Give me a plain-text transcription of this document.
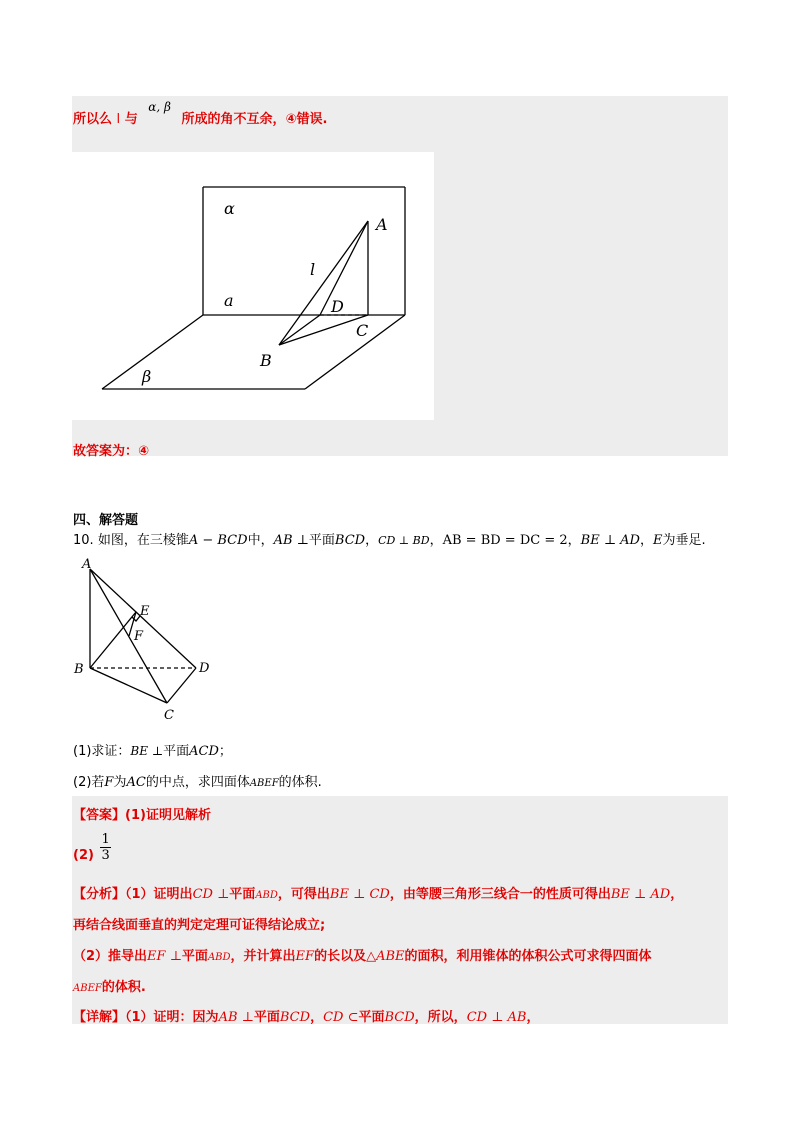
所以么 l 与 α, β 所成的角不互余，④错误.
α
a
l
A
D
C
B
β
故答案为：④
四、解答题
10. 如图，在三棱锥A − BCD中，AB ⊥平面BCD，CD ⊥ BD，AB = BD = DC = 2，BE ⊥ AD，E为垂足.
A
E
F
B	D
C
(1)求证：BE ⊥平面ACD；
(2)若F为AC的中点，求四面体ABEF的体积.
【答案】(1)证明见解析
$(2) \frac{1}{3}$
【分析】（1）证明出CD ⊥平面ABD，可得出BE ⊥ CD，由等腰三角形三线合一的性质可得出BE ⊥ AD，
再结合线面垂直的判定定理可证得结论成立;
（2）推导出EF ⊥平面ABD，并计算出EF的长以及△ABE的面积，利用锥体的体积公式可求得四面体
ABEF的体积.
【详解】（1）证明：因为AB ⊥平面BCD，CD ⊂平面BCD，所以，CD ⊥ AB，
